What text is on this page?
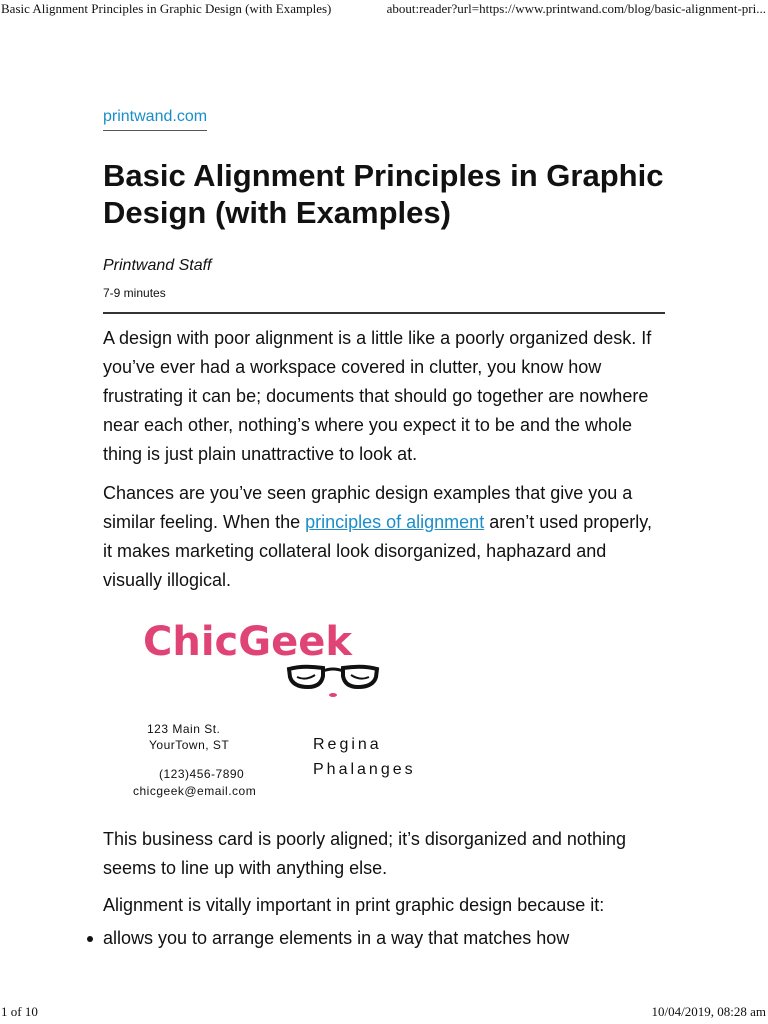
Basic Alignment Principles in Graphic Design (with Examples)	about:reader?url=https://www.printwand.com/blog/basic-alignment-pri...
printwand.com
Basic Alignment Principles in Graphic Design (with Examples)
Printwand Staff
7-9 minutes

A design with poor alignment is a little like a poorly organized desk. If you’ve ever had a workspace covered in clutter, you know how frustrating it can be; documents that should go together are nowhere near each other, nothing’s where you expect it to be and the whole thing is just plain unattractive to look at.

Chances are you’ve seen graphic design examples that give you a similar feeling. When the principles of alignment aren’t used properly, it makes marketing collateral look disorganized, haphazard and visually illogical.

ChicGeek
123 Main St.
YourTown, ST
(123)456-7890
chicgeek@email.com
Regina
Phalanges

This business card is poorly aligned; it’s disorganized and nothing seems to line up with anything else.

Alignment is vitally important in print graphic design because it:

allows you to arrange elements in a way that matches how
1 of 10	10/04/2019, 08:28 am
